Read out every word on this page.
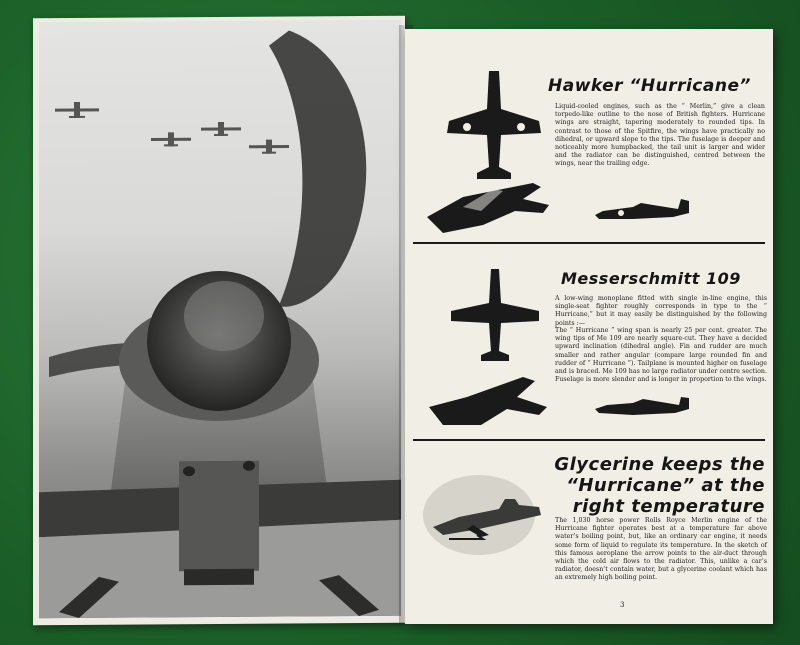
Hawker “Hurricane”
Liquid-cooled engines, such as the “ Merlin,” give a clean torpedo-like outline to the nose of British fighters. Hurricane wings are straight, tapering moderately to rounded tips. In contrast to those of the Spitfire, the wings have practically no dihedral, or upward slope to the tips. The fuselage is deeper and noticeably more humpbacked, the tail unit is larger and wider and the radiator can be distinguished, centred between the wings, near the trailing edge.
Messerschmitt 109
A low-wing monoplane fitted with single in-line engine, this single-seat fighter roughly corresponds in type to the “ Hurricane,” but it may easily be distinguished by the following points :—
The “ Hurricane ” wing span is nearly 25 per cent. greater. The wing tips of Me 109 are nearly square-cut. They have a decided upward inclination (dihedral angle). Fin and rudder are much smaller and rather angular (compare large rounded fin and rudder of “ Hurricane ”). Tailplane is mounted higher on fuselage and is braced. Me 109 has no large radiator under centre section. Fuselage is more slender and is longer in proportion to the wings.
Glycerine keeps the “Hurricane” at the right temperature
The 1,030 horse power Rolls Royce Merlin engine of the Hurricane fighter operates best at a temperature far above water’s boiling point, but, like an ordinary car engine, it needs some form of liquid to regulate its temperature. In the sketch of this famous aeroplane the arrow points to the air-duct through which the cold air flows to the radiator. This, unlike a car’s radiator, doesn’t contain water, but a glycerine coolant which has an extremely high boiling point.
3
